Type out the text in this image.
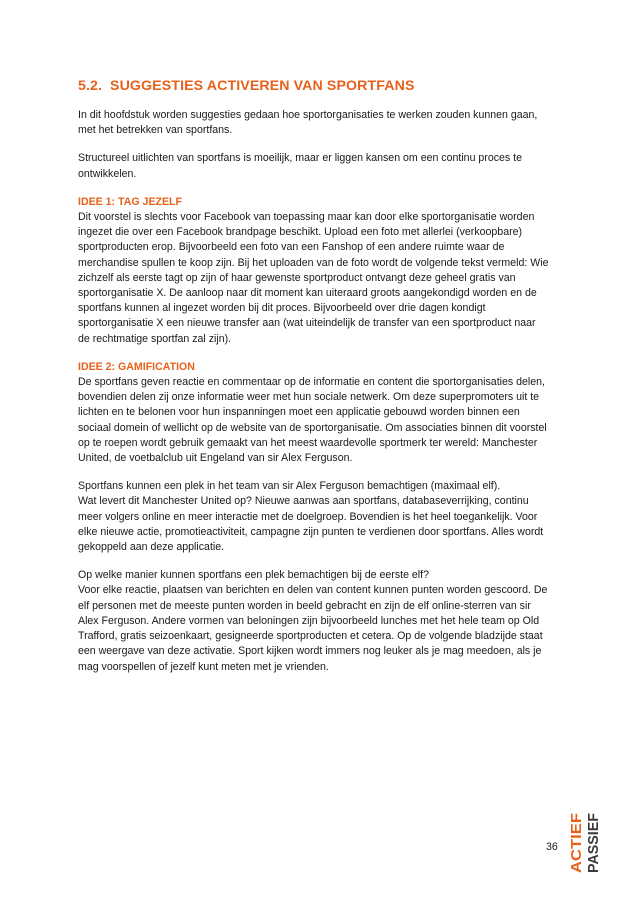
5.2. SUGGESTIES ACTIVEREN VAN SPORTFANS

In dit hoofdstuk worden suggesties gedaan hoe sportorganisaties te werken zouden kunnen gaan,
met het betrekken van sportfans.

Structureel uitlichten van sportfans is moeilijk, maar er liggen kansen om een continu proces te
ontwikkelen.

IDEE 1: TAG JEZELF
Dit voorstel is slechts voor Facebook van toepassing maar kan door elke sportorganisatie worden
ingezet die over een Facebook brandpage beschikt. Upload een foto met allerlei (verkoopbare)
sportproducten erop. Bijvoorbeeld een foto van een Fanshop of een andere ruimte waar de
merchandise spullen te koop zijn. Bij het uploaden van de foto wordt de volgende tekst vermeld: Wie
zichzelf als eerste tagt op zijn of haar gewenste sportproduct ontvangt deze geheel gratis van
sportorganisatie X. De aanloop naar dit moment kan uiteraard groots aangekondigd worden en de
sportfans kunnen al ingezet worden bij dit proces. Bijvoorbeeld over drie dagen kondigt
sportorganisatie X een nieuwe transfer aan (wat uiteindelijk de transfer van een sportproduct naar
de rechtmatige sportfan zal zijn).

IDEE 2: GAMIFICATION
De sportfans geven reactie en commentaar op de informatie en content die sportorganisaties delen,
bovendien delen zij onze informatie weer met hun sociale netwerk. Om deze superpromoters uit te
lichten en te belonen voor hun inspanningen moet een applicatie gebouwd worden binnen een
sociaal domein of wellicht op de website van de sportorganisatie. Om associaties binnen dit voorstel
op te roepen wordt gebruik gemaakt van het meest waardevolle sportmerk ter wereld: Manchester
United, de voetbalclub uit Engeland van sir Alex Ferguson.

Sportfans kunnen een plek in het team van sir Alex Ferguson bemachtigen (maximaal elf).
Wat levert dit Manchester United op? Nieuwe aanwas aan sportfans, databaseverrijking, continu
meer volgers online en meer interactie met de doelgroep. Bovendien is het heel toegankelijk. Voor
elke nieuwe actie, promotieactiviteit, campagne zijn punten te verdienen door sportfans. Alles wordt
gekoppeld aan deze applicatie.

Op welke manier kunnen sportfans een plek bemachtigen bij de eerste elf?
Voor elke reactie, plaatsen van berichten en delen van content kunnen punten worden gescoord. De
elf personen met de meeste punten worden in beeld gebracht en zijn de elf online-sterren van sir
Alex Ferguson. Andere vormen van beloningen zijn bijvoorbeeld lunches met het hele team op Old
Trafford, gratis seizoenkaart, gesigneerde sportproducten et cetera. Op de volgende bladzijde staat
een weergave van deze activatie. Sport kijken wordt immers nog leuker als je mag meedoen, als je
mag voorspellen of jezelf kunt meten met je vrienden.

36 ACTIEF PASSIEF
